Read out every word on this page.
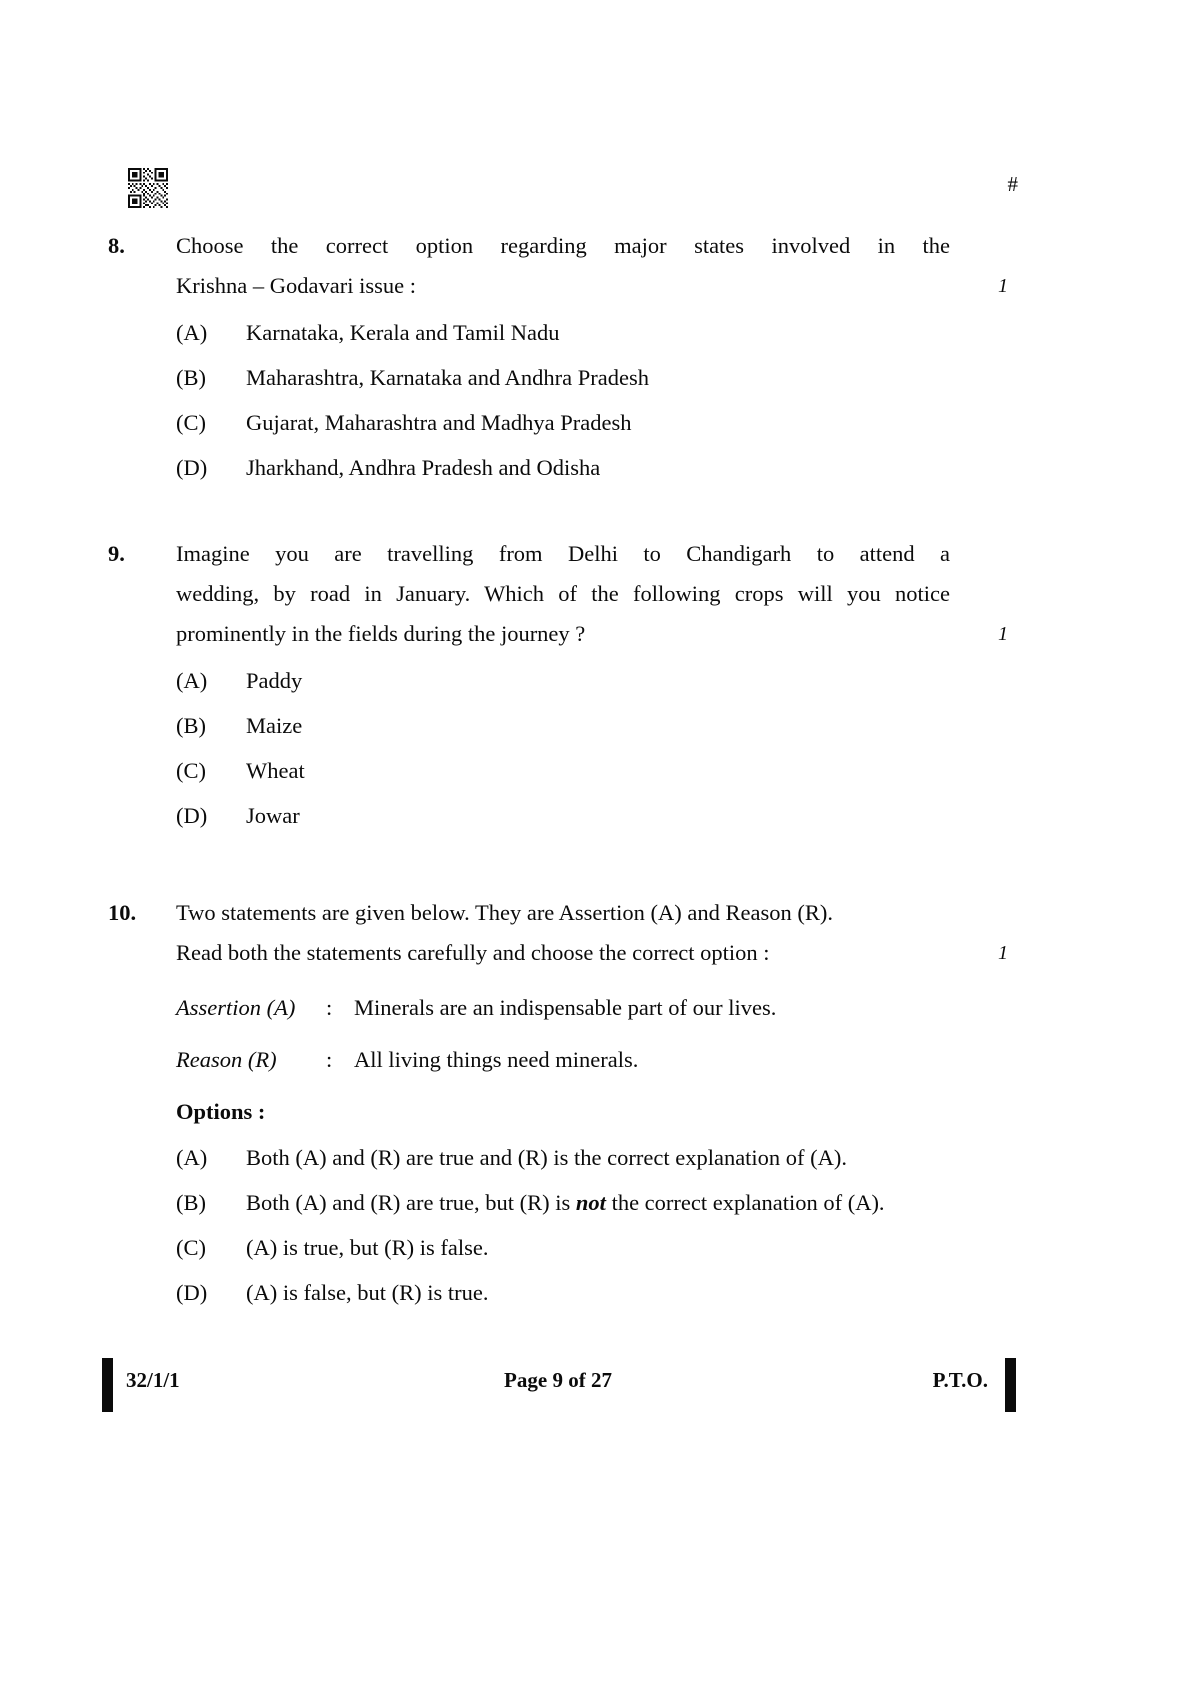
#
8.	Choose the correct option regarding major states involved in the
Krishna – Godavari issue :	1
(A)	Karnataka, Kerala and Tamil Nadu
(B)	Maharashtra, Karnataka and Andhra Pradesh
(C)	Gujarat, Maharashtra and Madhya Pradesh
(D)	Jharkhand, Andhra Pradesh and Odisha
9.	Imagine you are travelling from Delhi to Chandigarh to attend a
wedding, by road in January. Which of the following crops will you notice
prominently in the fields during the journey ?	1
(A)	Paddy
(B)	Maize
(C)	Wheat
(D)	Jowar
10.	Two statements are given below. They are Assertion (A) and Reason (R).
Read both the statements carefully and choose the correct option :	1
Assertion (A)	: Minerals are an indispensable part of our lives.
Reason (R)	: All living things need minerals.
Options :
(A)	Both (A) and (R) are true and (R) is the correct explanation of (A).
(B)	Both (A) and (R) are true, but (R) is not the correct explanation of (A).
(C)	(A) is true, but (R) is false.
(D)	(A) is false, but (R) is true.
32/1/1	Page 9 of 27	P.T.O.
